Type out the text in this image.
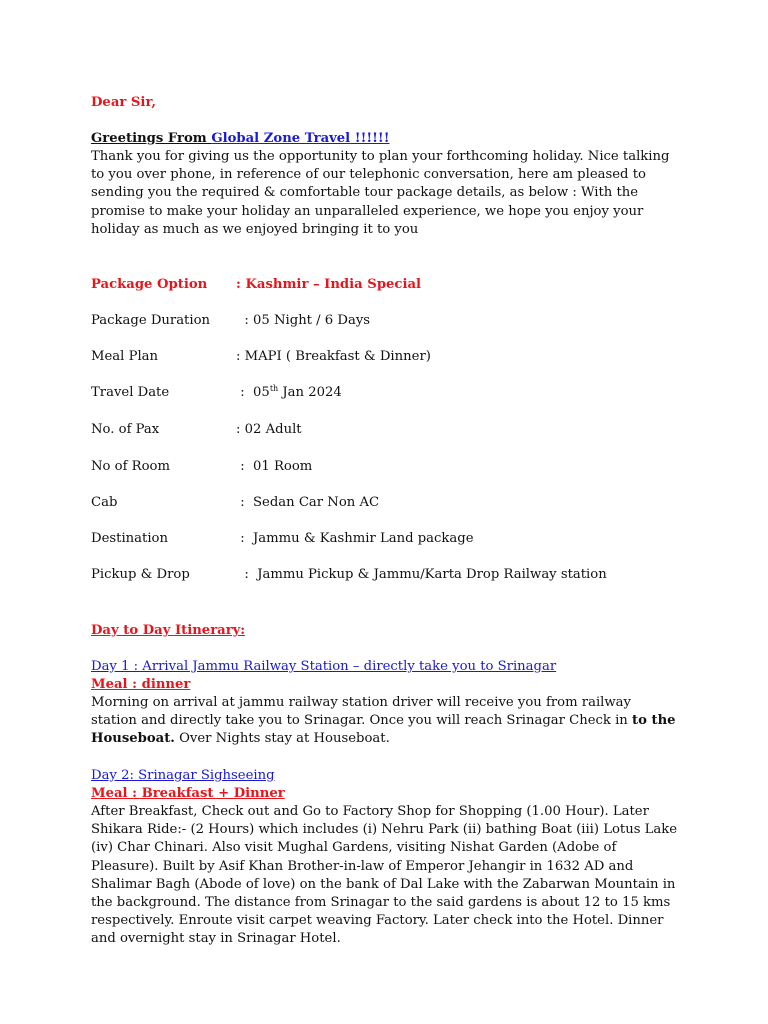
Dear Sir,

Greetings From Global Zone Travel !!!!!!

Thank you for giving us the opportunity to plan your forthcoming holiday. Nice talking to you over phone, in reference of our telephonic conversation, here am pleased to sending you the required & comfortable tour package details, as below : With the promise to make your holiday an unparalleled experience, we hope you enjoy your holiday as much as we enjoyed bringing it to you

Package Option : Kashmir – India Special
Package Duration  : 05 Night / 6 Days
Meal Plan	: MAPI ( Breakfast & Dinner)
Travel Date	:  05th Jan 2024
No. of Pax	: 02 Adult
No of Room	:  01 Room
Cab	:  Sedan Car Non AC
Destination	:  Jammu & Kashmir Land package
Pickup & Drop	:  Jammu Pickup & Jammu/Karta Drop Railway station

Day to Day Itinerary:

Day 1 : Arrival Jammu Railway Station – directly take you to Srinagar

Meal : dinner

Morning on arrival at jammu railway station driver will receive you from railway station and directly take you to Srinagar. Once you will reach Srinagar Check in to the Houseboat. Over Nights stay at Houseboat.

Day 2: Srinagar Sighseeing

Meal : Breakfast + Dinner

After Breakfast, Check out and Go to Factory Shop for Shopping (1.00 Hour). Later Shikara Ride:- (2 Hours) which includes (i) Nehru Park (ii) bathing Boat (iii) Lotus Lake (iv) Char Chinari. Also visit Mughal Gardens, visiting Nishat Garden (Adobe of Pleasure). Built by Asif Khan Brother-in-law of Emperor Jehangir in 1632 AD and Shalimar Bagh (Abode of love) on the bank of Dal Lake with the Zabarwan Mountain in the background. The distance from Srinagar to the said gardens is about 12 to 15 kms respectively. Enroute visit carpet weaving Factory. Later check into the Hotel. Dinner and overnight stay in Srinagar Hotel.
